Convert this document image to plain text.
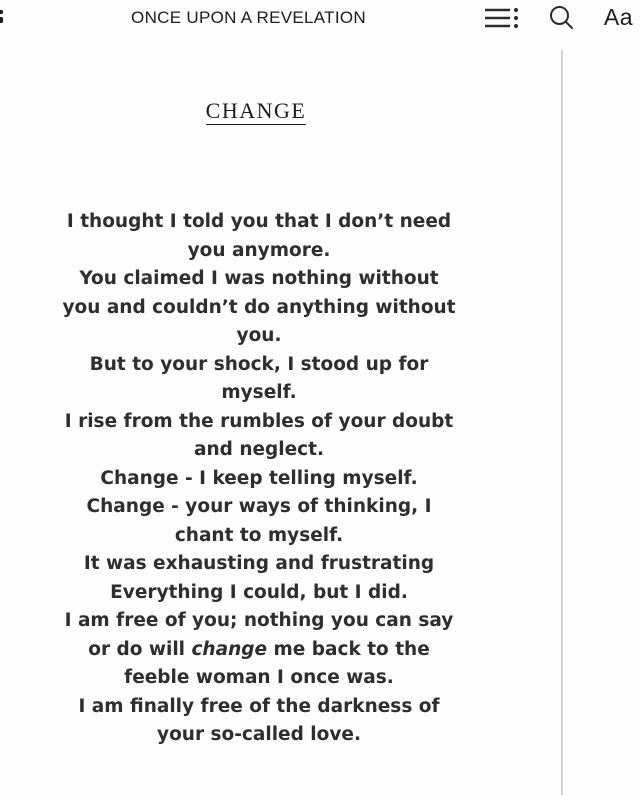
ONCE UPON A REVELATION	Aa
CHANGE
I thought I told you that I don’t need
you anymore.
You claimed I was nothing without
you and couldn’t do anything without
you.
But to your shock, I stood up for
myself.
I rise from the rumbles of your doubt
and neglect.
Change - I keep telling myself.
Change - your ways of thinking, I
chant to myself.
It was exhausting and frustrating
Everything I could, but I did.
I am free of you; nothing you can say
or do will change me back to the
feeble woman I once was.
I am finally free of the darkness of
your so-called love.
